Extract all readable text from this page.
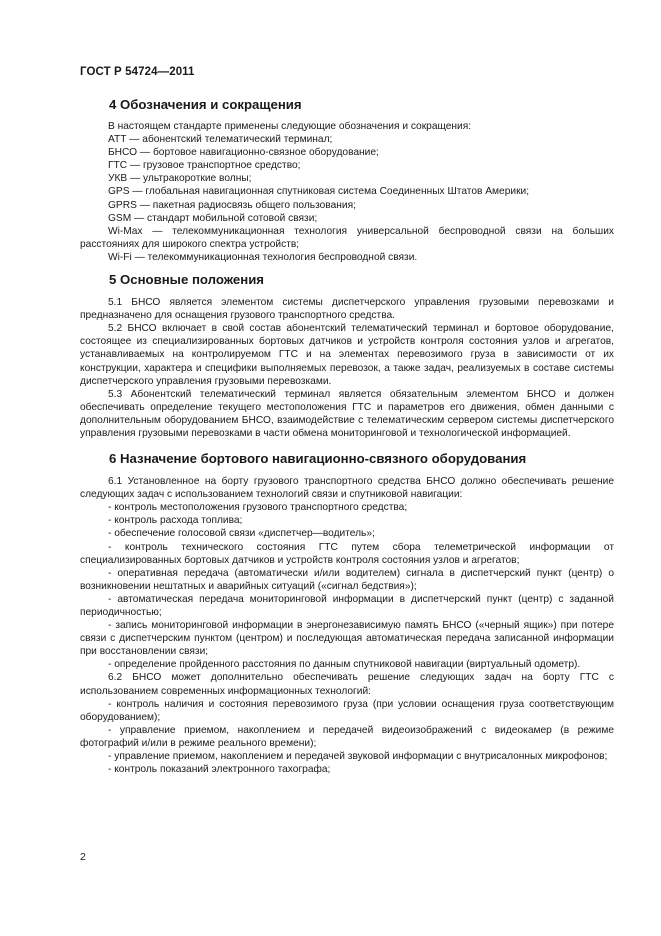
ГОСТ Р 54724—2011
4 Обозначения и сокращения

В настоящем стандарте применены следующие обозначения и сокращения:

АТТ — абонентский телематический терминал;

БНСО — бортовое навигационно-связное оборудование;

ГТС — грузовое транспортное средство;

УКВ — ультракороткие волны;

GPS — глобальная навигационная спутниковая система Соединенных Штатов Америки;

GPRS — пакетная радиосвязь общего пользования;

GSM — стандарт мобильной сотовой связи;

Wi-Max — телекоммуникационная технология универсальной беспроводной связи на больших расстояниях для широкого спектра устройств;

Wi-Fi — телекоммуникационная технология беспроводной связи.

5 Основные положения

5.1 БНСО является элементом системы диспетчерского управления грузовыми перевозками и предназначено для оснащения грузового транспортного средства.

5.2 БНСО включает в свой состав абонентский телематический терминал и бортовое оборудование, состоящее из специализированных бортовых датчиков и устройств контроля состояния узлов и агрегатов, устанавливаемых на контролируемом ГТС и на элементах перевозимого груза в зависимости от их конструкции, характера и специфики выполняемых перевозок, а также задач, реализуемых в составе системы диспетчерского управления грузовыми перевозками.

5.3 Абонентский телематический терминал является обязательным элементом БНСО и должен обеспечивать определение текущего местоположения ГТС и параметров его движения, обмен данными с дополнительным оборудованием БНСО, взаимодействие с телематическим сервером системы диспетчерского управления грузовыми перевозками в части обмена мониторинговой и технологической информацией.

6 Назначение бортового навигационно-связного оборудования

6.1 Установленное на борту грузового транспортного средства БНСО должно обеспечивать решение следующих задач с использованием технологий связи и спутниковой навигации:

- контроль местоположения грузового транспортного средства;

- контроль расхода топлива;

- обеспечение голосовой связи «диспетчер—водитель»;

- контроль технического состояния ГТС путем сбора телеметрической информации от специализированных бортовых датчиков и устройств контроля состояния узлов и агрегатов;

- оперативная передача (автоматически и/или водителем) сигнала в диспетчерский пункт (центр) о возникновении нештатных и аварийных ситуаций («сигнал бедствия»);

- автоматическая передача мониторинговой информации в диспетчерский пункт (центр) с заданной периодичностью;

- запись мониторинговой информации в энергонезависимую память БНСО («черный ящик») при потере связи с диспетчерским пунктом (центром) и последующая автоматическая передача записанной информации при восстановлении связи;

- определение пройденного расстояния по данным спутниковой навигации (виртуальный одометр).

6.2 БНСО может дополнительно обеспечивать решение следующих задач на борту ГТС с использованием современных информационных технологий:

- контроль наличия и состояния перевозимого груза (при условии оснащения груза соответствующим оборудованием);

- управление приемом, накоплением и передачей видеоизображений с видеокамер (в режиме фотографий и/или в режиме реального времени);

- управление приемом, накоплением и передачей звуковой информации с внутрисалонных микрофонов;

- контроль показаний электронного тахографа;

2
